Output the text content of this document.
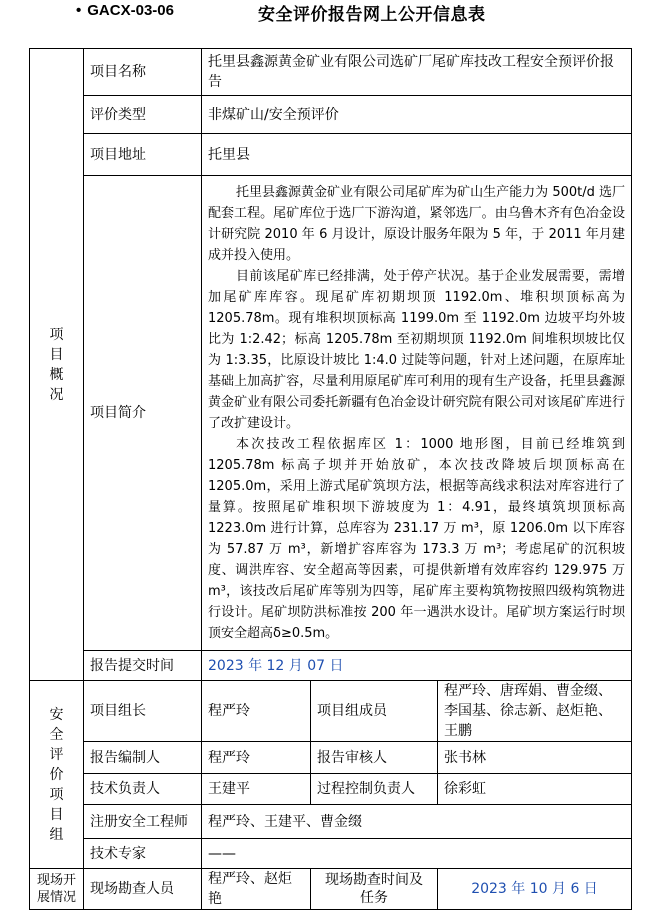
• GACX-03-06	安全评价报告网上公开信息表
项目概况	项目名称	托里县鑫源黄金矿业有限公司选矿厂尾矿库技改工程安全预评价报告		
	评价类型	非煤矿山/安全预评价		
	项目地址	托里县		
	项目简介	托里县鑫源黄金矿业有限公司尾矿库为矿山生产能力为 500t/d 选厂配套工程。尾矿库位于选厂下游沟道，紧邻选厂。由乌鲁木齐有色冶金设计研究院 2010 年 6 月设计，原设计服务年限为 5 年，于 2011 年月建成并投入使用。

目前该尾矿库已经排满，处于停产状况。基于企业发展需要，需增加尾矿库库容。现尾矿库初期坝顶 1192.0m、堆积坝顶标高为 1205.78m。现有堆积坝顶标高 1199.0m 至 1192.0m 边坡平均外坡比为 1:2.42；标高 1205.78m 至初期坝顶 1192.0m 间堆积坝坡比仅为 1:3.35，比原设计坡比 1:4.0 过陡等问题，针对上述问题，在原库址基础上加高扩容，尽量利用原尾矿库可利用的现有生产设备，托里县鑫源黄金矿业有限公司委托新疆有色冶金设计研究院有限公司对该尾矿库进行了改扩建设计。

本次技改工程依据库区 1：1000 地形图，目前已经堆筑到 1205.78m 标高子坝并开始放矿，本次技改降坡后坝顶标高在 1205.0m，采用上游式尾矿筑坝方法，根据等高线求积法对库容进行了量算。按照尾矿堆积坝下游坡度为 1：4.91，最终填筑坝顶标高 1223.0m 进行计算，总库容为 231.17 万 m³，原 1206.0m 以下库容为 57.87 万 m³，新增扩容库容为 173.3 万 m³；考虑尾矿的沉积坡度、调洪库容、安全超高等因素，可提供新增有效库容约 129.975 万 m³，该技改后尾矿库等别为四等，尾矿库主要构筑物按照四级构筑物进行设计。尾矿坝防洪标准按 200 年一遇洪水设计。尾矿坝方案运行时坝顶安全超高δ≥0.5m。		

	报告提交时间	2023 年 12 月 07 日		
安全评价项目组	项目组长	程严玲	项目组成员	程严玲、唐珲娟、曹金缀、李国基、徐志新、赵炬艳、王鹏
	报告编制人	程严玲	报告审核人	张书林
	技术负责人	王建平	过程控制负责人	徐彩虹
	注册安全工程师	程严玲、王建平、曹金缀		
	技术专家	——		
现场开展情况	现场勘查人员	程严玲、赵炬艳	现场勘查时间及任务	2023 年 10 月 6 日
